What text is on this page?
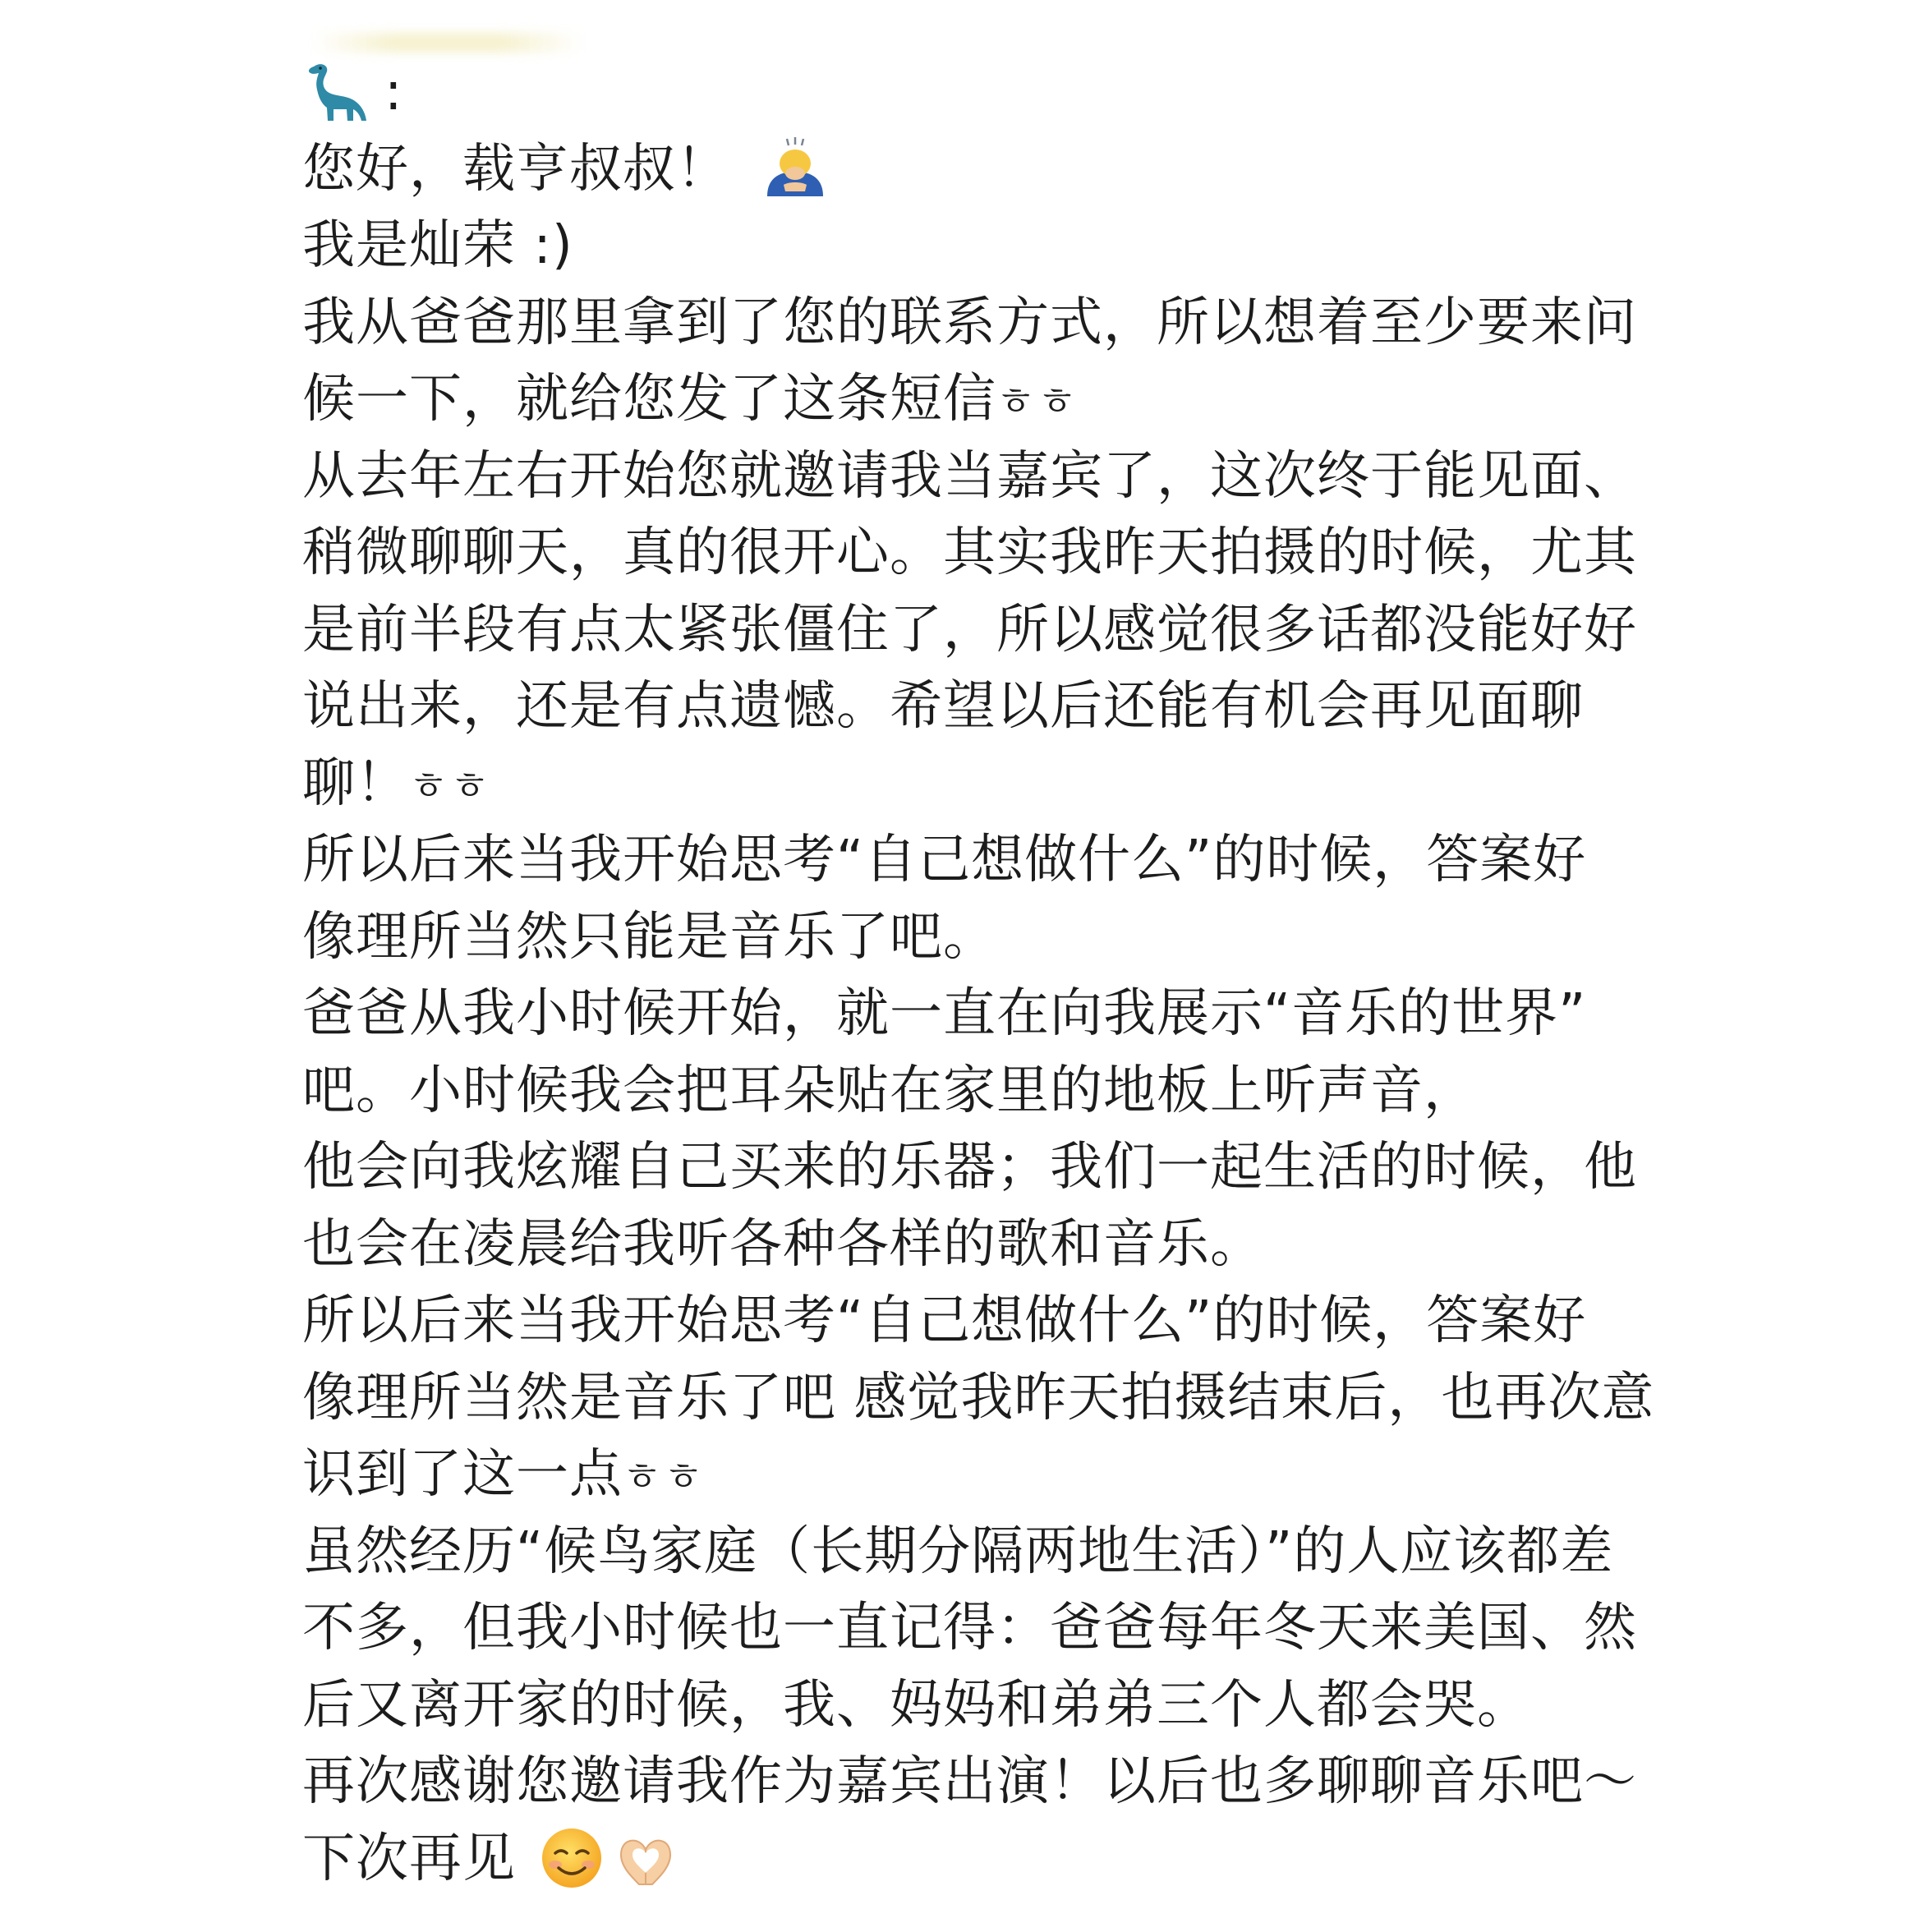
:
您好，载亨叔叔！
我是灿荣 :)
我从爸爸那里拿到了您的联系方式，所以想着至少要来问
候一下，就给您发了这条短信ㅎㅎ
从去年左右开始您就邀请我当嘉宾了，这次终于能见面、
稍微聊聊天，真的很开心。其实我昨天拍摄的时候，尤其
是前半段有点太紧张僵住了，所以感觉很多话都没能好好
说出来，还是有点遗憾。希望以后还能有机会再见面聊
聊！ㅎㅎ
所以后来当我开始思考“自己想做什么”的时候，答案好
像理所当然只能是音乐了吧。
爸爸从我小时候开始，就一直在向我展示“音乐的世界”
吧。小时候我会把耳朵贴在家里的地板上听声音，
他会向我炫耀自己买来的乐器；我们一起生活的时候，他
也会在凌晨给我听各种各样的歌和音乐。
所以后来当我开始思考“自己想做什么”的时候，答案好
像理所当然是音乐了吧 感觉我昨天拍摄结束后，也再次意
识到了这一点ㅎㅎ
虽然经历“候鸟家庭（长期分隔两地生活）”的人应该都差
不多，但我小时候也一直记得：爸爸每年冬天来美国、然
后又离开家的时候，我、妈妈和弟弟三个人都会哭。
再次感谢您邀请我作为嘉宾出演！以后也多聊聊音乐吧～
下次再见
